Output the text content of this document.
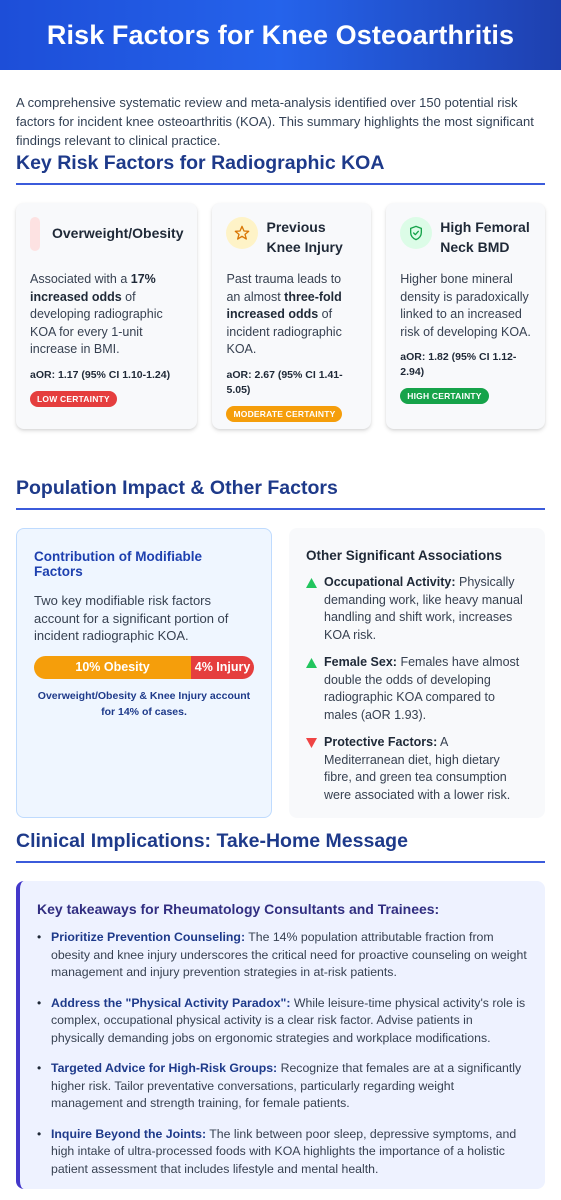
Risk Factors for Knee Osteoarthritis
A comprehensive systematic review and meta-analysis identified over 150 potential risk factors for incident knee osteoarthritis (KOA). This summary highlights the most significant findings relevant to clinical practice.
Key Risk Factors for Radiographic KOA
Overweight/Obesity
Associated with a 17% increased odds of developing radiographic KOA for every 1-unit increase in BMI.
aOR: 1.17 (95% CI 1.10-1.24)
LOW CERTAINTY
Previous Knee Injury
Past trauma leads to an almost three-fold increased odds of incident radiographic KOA.
aOR: 2.67 (95% CI 1.41-5.05)
MODERATE CERTAINTY
High Femoral Neck BMD
Higher bone mineral density is paradoxically linked to an increased risk of developing KOA.
aOR: 1.82 (95% CI 1.12-2.94)
HIGH CERTAINTY
Population Impact & Other Factors
Contribution of Modifiable Factors

Two key modifiable risk factors account for a significant portion of incident radiographic KOA.

10% Obesity	4% Injury
Overweight/Obesity & Knee Injury account for 14% of cases.
Other Significant Associations
Occupational Activity: Physically demanding work, like heavy manual handling and shift work, increases KOA risk.
Female Sex: Females have almost double the odds of developing radiographic KOA compared to males (aOR 1.93).
Protective Factors: A Mediterranean diet, high dietary fibre, and green tea consumption were associated with a lower risk.
Clinical Implications: Take-Home Message
Key takeaways for Rheumatology Consultants and Trainees:
• Prioritize Prevention Counseling: The 14% population attributable fraction from obesity and knee injury underscores the critical need for proactive counseling on weight management and injury prevention strategies in at-risk patients.
• Address the "Physical Activity Paradox": While leisure-time physical activity's role is complex, occupational physical activity is a clear risk factor. Advise patients in physically demanding jobs on ergonomic strategies and workplace modifications.
• Targeted Advice for High-Risk Groups: Recognize that females are at a significantly higher risk. Tailor preventative conversations, particularly regarding weight management and strength training, for female patients.
• Inquire Beyond the Joints: The link between poor sleep, depressive symptoms, and high intake of ultra-processed foods with KOA highlights the importance of a holistic patient assessment that includes lifestyle and mental health.
